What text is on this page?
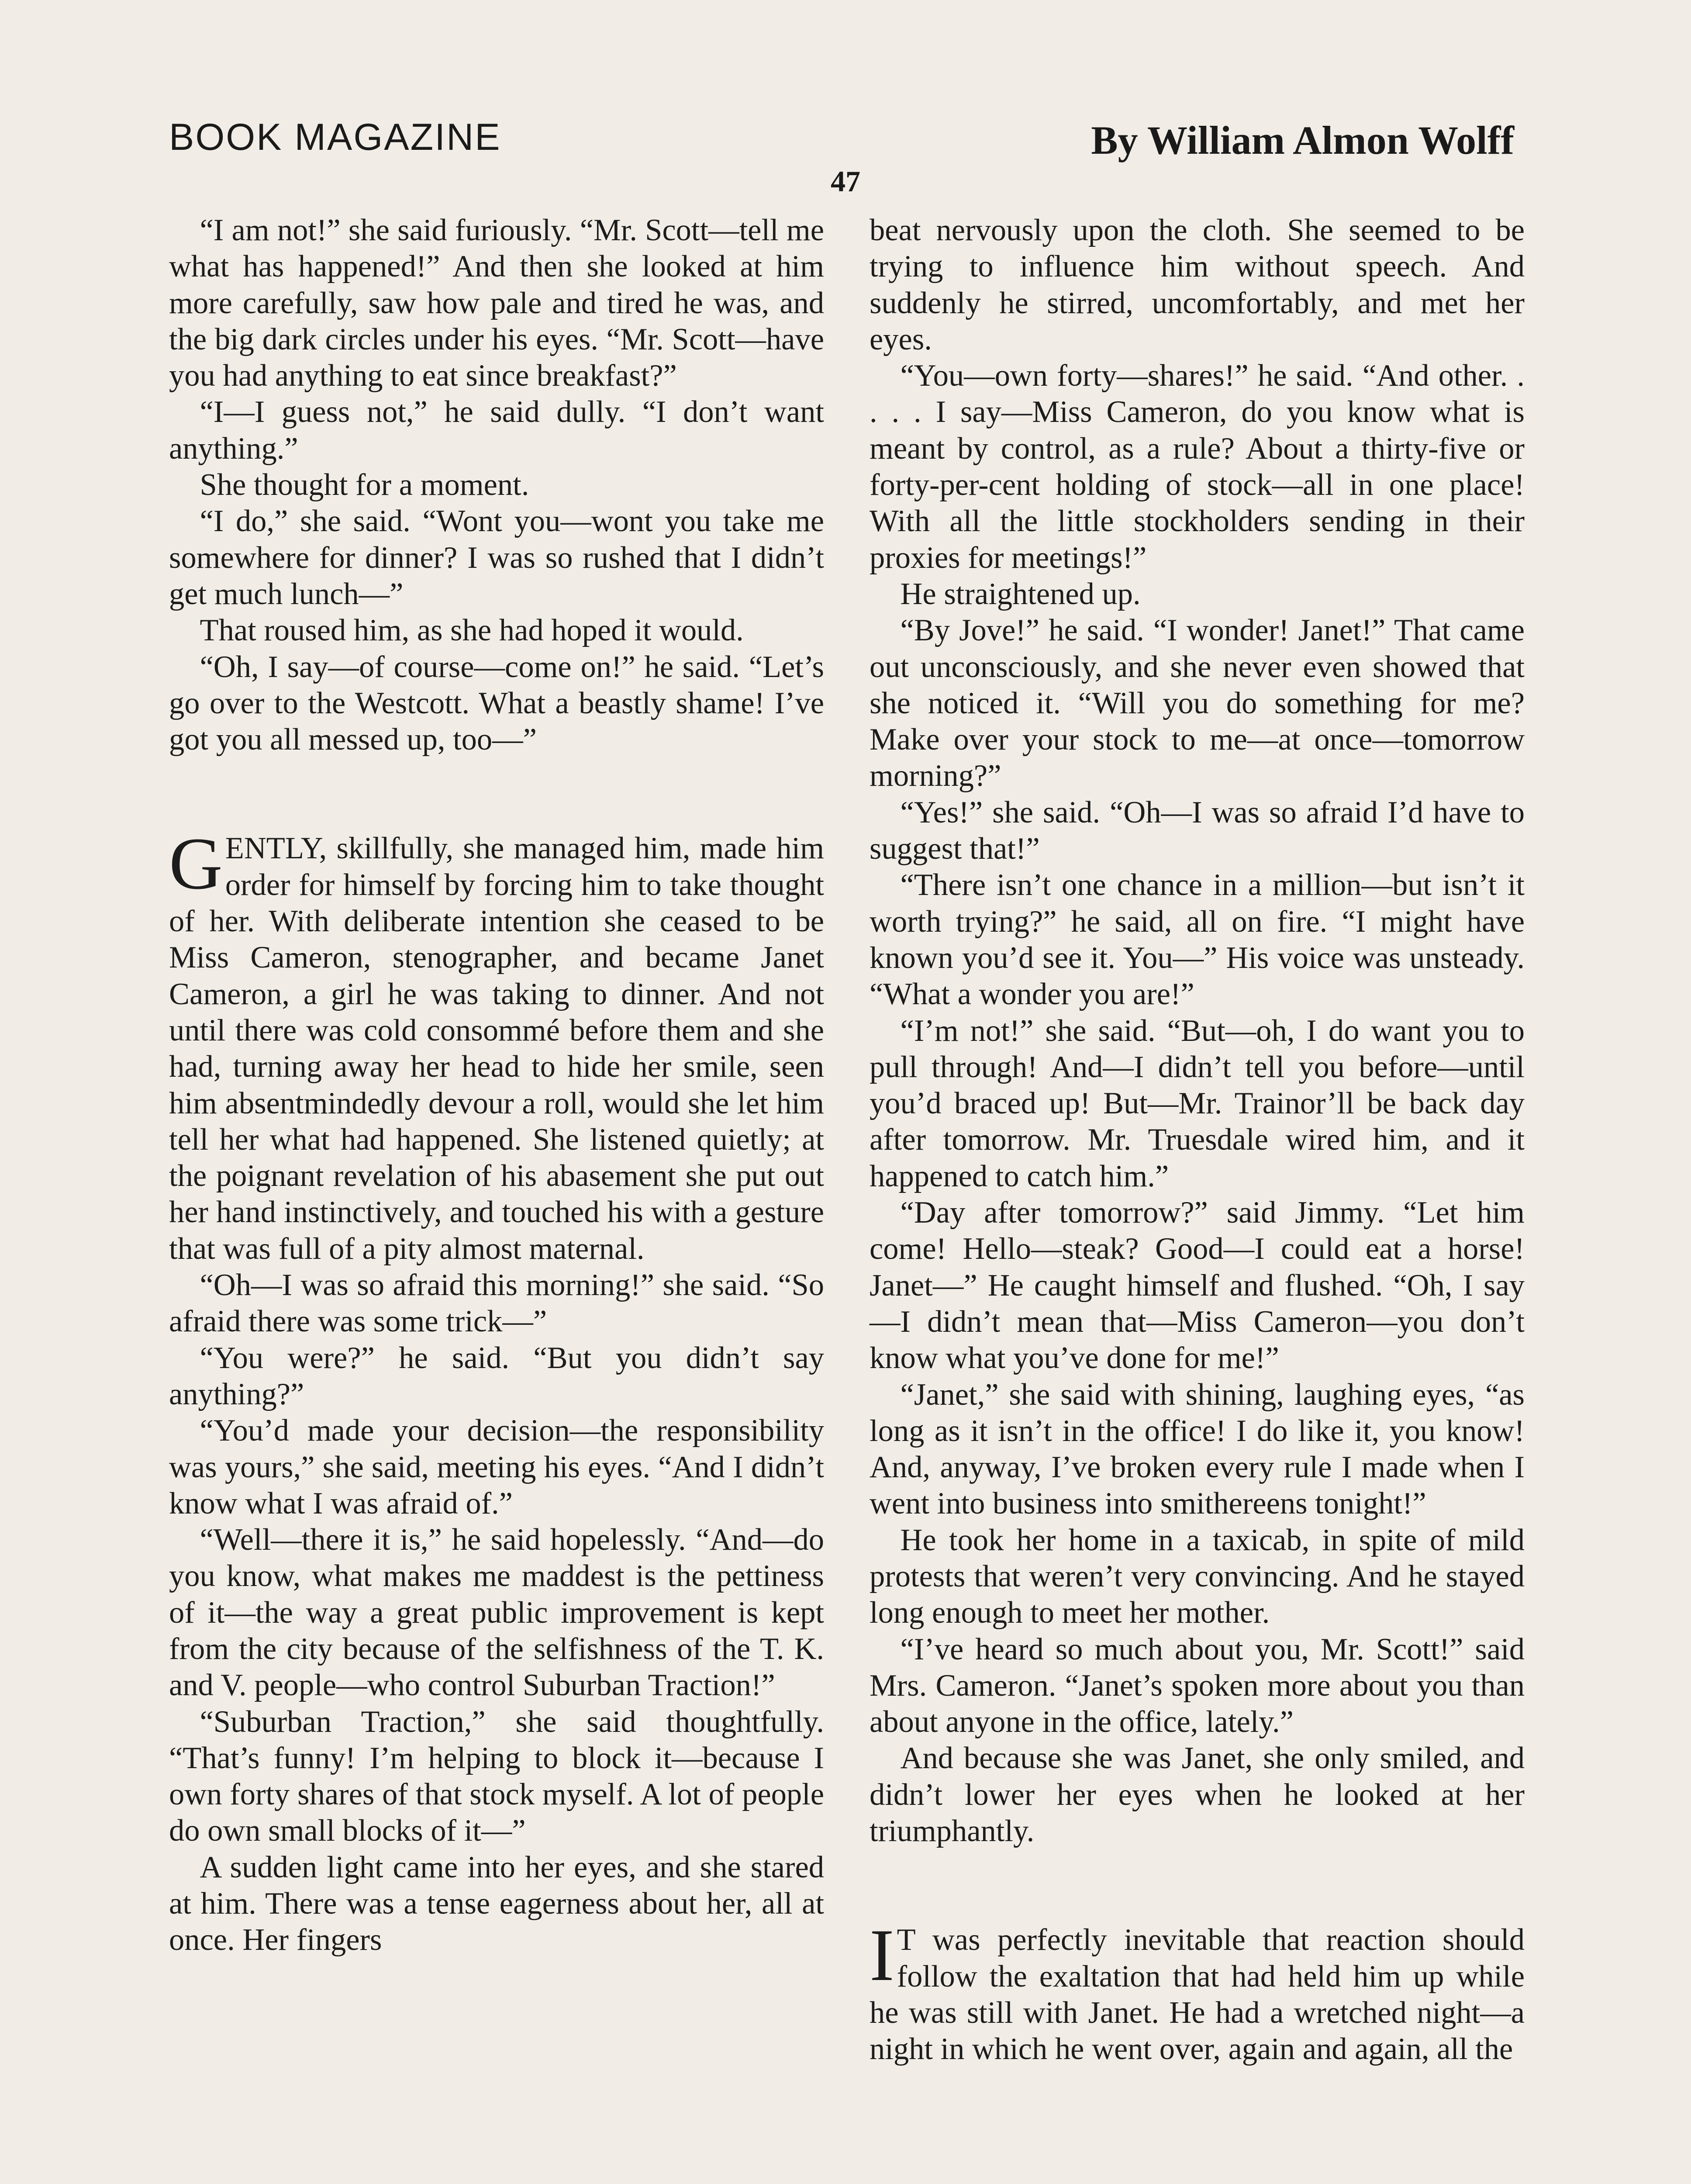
BOOK MAGAZINE	By William Almon Wolff
47

“I am not!” she said furiously. “Mr. Scott—tell me what has happened!” And then she looked at him more carefully, saw how pale and tired he was, and the big dark circles under his eyes. “Mr. Scott—have you had anything to eat since breakfast?”

“I—I guess not,” he said dully. “I don’t want anything.”

She thought for a moment.

“I do,” she said. “Wont you—wont you take me somewhere for dinner? I was so rushed that I didn’t get much lunch—”

That roused him, as she had hoped it would.

“Oh, I say—of course—come on!” he said. “Let’s go over to the Westcott. What a beastly shame! I’ve got you all messed up, too—”

GENTLY, skillfully, she managed him, made him order for himself by forcing him to take thought of her. With deliberate intention she ceased to be Miss Cameron, stenographer, and became Janet Cameron, a girl he was taking to dinner. And not until there was cold consommé before them and she had, turning away her head to hide her smile, seen him absentmindedly devour a roll, would she let him tell her what had happened. She listened quietly; at the poignant revelation of his abasement she put out her hand instinctively, and touched his with a gesture that was full of a pity almost maternal.

“Oh—I was so afraid this morning!” she said. “So afraid there was some trick—”

“You were?” he said. “But you didn’t say anything?”

“You’d made your decision—the responsibility was yours,” she said, meeting his eyes. “And I didn’t know what I was afraid of.”

“Well—there it is,” he said hopelessly. “And—do you know, what makes me maddest is the pettiness of it—the way a great public improvement is kept from the city because of the selfishness of the T. K. and V. people—who control Suburban Traction!”

“Suburban Traction,” she said thoughtfully. “That’s funny! I’m helping to block it—because I own forty shares of that stock myself. A lot of people do own small blocks of it—”

A sudden light came into her eyes, and she stared at him. There was a tense eagerness about her, all at once. Her fingers

beat nervously upon the cloth. She seemed to be trying to influence him without speech. And suddenly he stirred, uncomfortably, and met her eyes.

“You—own forty—shares!” he said. “And other. . . . . I say—Miss Cameron, do you know what is meant by control, as a rule? About a thirty-five or forty-per-cent holding of stock—all in one place! With all the little stockholders sending in their proxies for meetings!”

He straightened up.

“By Jove!” he said. “I wonder! Janet!” That came out unconsciously, and she never even showed that she noticed it. “Will you do something for me? Make over your stock to me—at once—tomorrow morning?”

“Yes!” she said. “Oh—I was so afraid I’d have to suggest that!”

“There isn’t one chance in a million—but isn’t it worth trying?” he said, all on fire. “I might have known you’d see it. You—” His voice was unsteady. “What a wonder you are!”

“I’m not!” she said. “But—oh, I do want you to pull through! And—I didn’t tell you before—until you’d braced up! But—Mr. Trainor’ll be back day after tomorrow. Mr. Truesdale wired him, and it happened to catch him.”

“Day after tomorrow?” said Jimmy. “Let him come! Hello—steak? Good—I could eat a horse! Janet—” He caught himself and flushed. “Oh, I say—I didn’t mean that—Miss Cameron—you don’t know what you’ve done for me!”

“Janet,” she said with shining, laughing eyes, “as long as it isn’t in the office! I do like it, you know! And, anyway, I’ve broken every rule I made when I went into business into smithereens tonight!”

He took her home in a taxicab, in spite of mild protests that weren’t very convincing. And he stayed long enough to meet her mother.

“I’ve heard so much about you, Mr. Scott!” said Mrs. Cameron. “Janet’s spoken more about you than about anyone in the office, lately.”

And because she was Janet, she only smiled, and didn’t lower her eyes when he looked at her triumphantly.

I T was perfectly inevitable that reaction should follow the exaltation that had held him up while he was still with Janet. He had a wretched night—a night in which he went over, again and again, all the
